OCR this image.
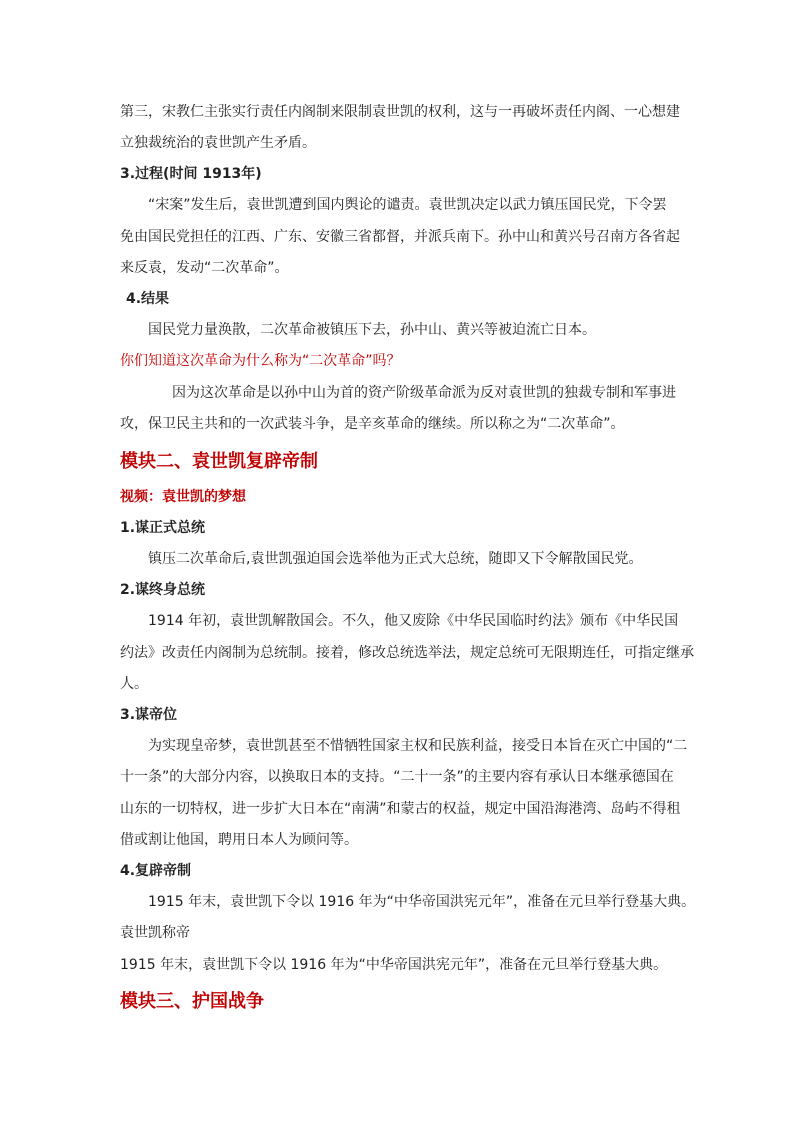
第三，宋教仁主张实行责任内阁制来限制袁世凯的权利，这与一再破坏责任内阁、一心想建
立独裁统治的袁世凯产生矛盾。
3.过程(时间 1913年)
“宋案”发生后，袁世凯遭到国内舆论的谴责。袁世凯决定以武力镇压国民党，下令罢
免由国民党担任的江西、广东、安徽三省都督，并派兵南下。孙中山和黄兴号召南方各省起
来反袁，发动“二次革命”。
4.结果
国民党力量涣散，二次革命被镇压下去，孙中山、黄兴等被迫流亡日本。
你们知道这次革命为什么称为“二次革命”吗？
因为这次革命是以孙中山为首的资产阶级革命派为反对袁世凯的独裁专制和军事进
攻，保卫民主共和的一次武装斗争，是辛亥革命的继续。所以称之为“二次革命”。
模块二、袁世凯复辟帝制
视频：袁世凯的梦想
1.谋正式总统
镇压二次革命后,袁世凯强迫国会选举他为正式大总统，随即又下令解散国民党。
2.谋终身总统
1914 年初，袁世凯解散国会。不久，他又废除《中华民国临时约法》颁布《中华民国
约法》改责任内阁制为总统制。接着，修改总统选举法，规定总统可无限期连任，可指定继承
人。
3.谋帝位
为实现皇帝梦，袁世凯甚至不惜牺牲国家主权和民族利益，接受日本旨在灭亡中国的“二
十一条”的大部分内容，以换取日本的支持。“二十一条”的主要内容有承认日本继承德国在
山东的一切特权，进一步扩大日本在“南满”和蒙古的权益，规定中国沿海港湾、岛屿不得租
借或割让他国，聘用日本人为顾问等。
4.复辟帝制
1915 年末，袁世凯下令以 1916 年为“中华帝国洪宪元年”，准备在元旦举行登基大典。
袁世凯称帝
1915 年末，袁世凯下令以 1916 年为“中华帝国洪宪元年”，准备在元旦举行登基大典。
模块三、护国战争
